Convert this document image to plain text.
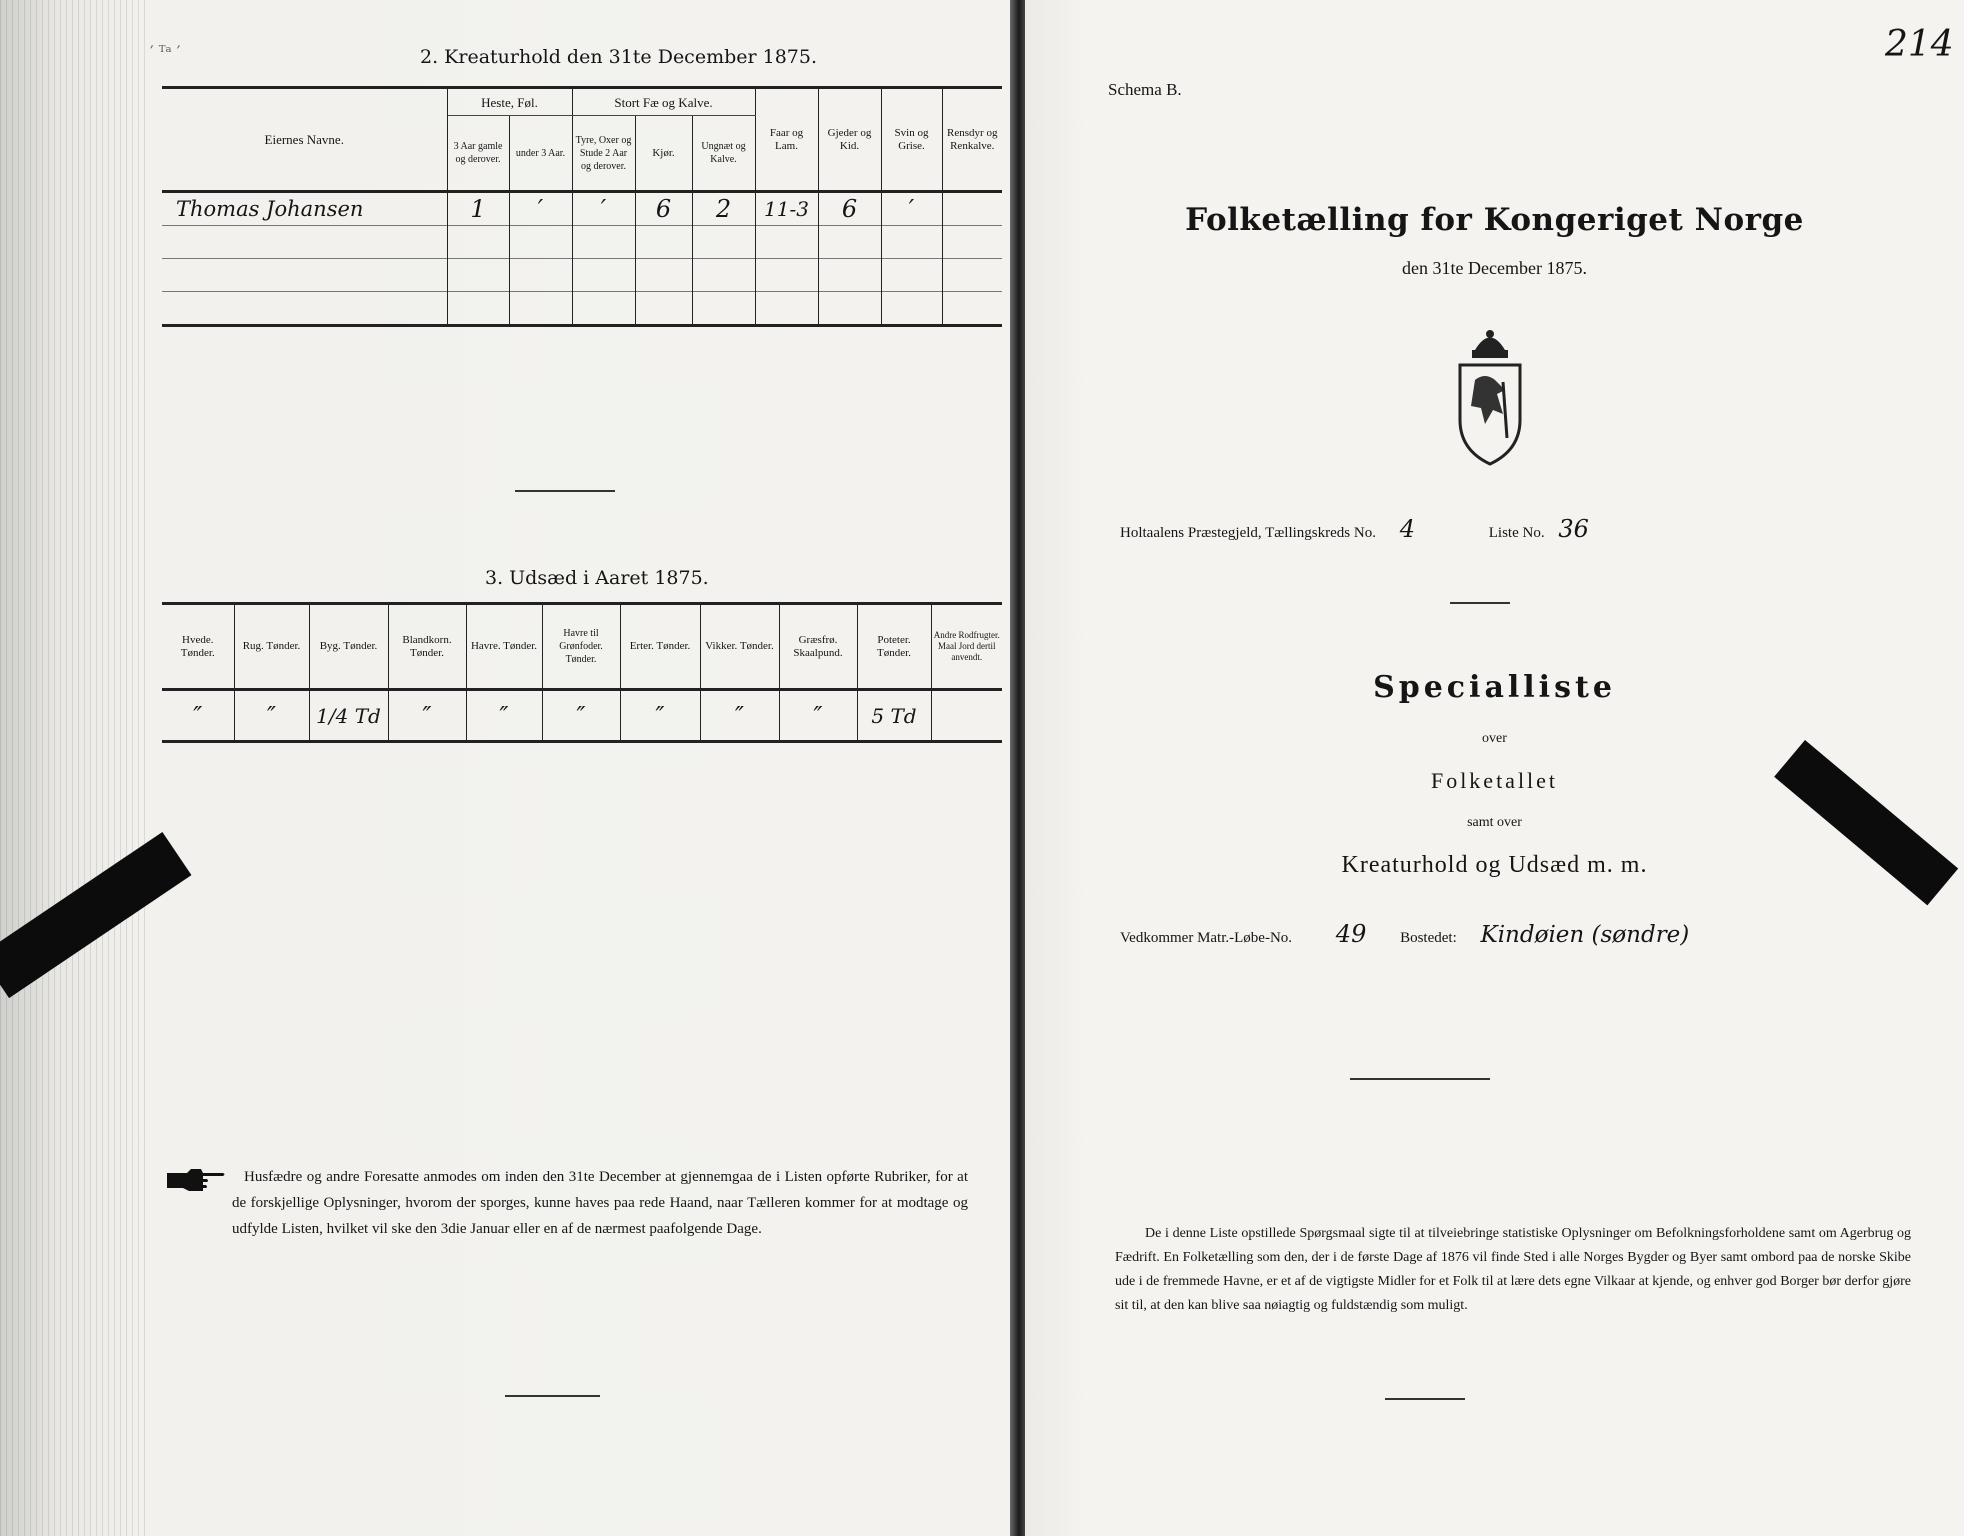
′ ᵀᵃ ′	2. Kreaturhold den 31te December 1875.
Eiernes Navne.	Heste, Føl.		Stort Fæ og Kalve.			Faar og Lam.	Gjeder og Kid.	Svin og Grise.	Rensdyr og Renkalve.
	3 Aar gamle og derover.	under 3 Aar.	Tyre, Oxer og Stude 2 Aar og derover.	Kjør.	Ungnæt og Kalve.				
Thomas Johansen	1	′	′	6	2	11-3	6	′	

3. Udsæd i Aaret 1875.
Hvede. Tønder.	Rug. Tønder.	Byg. Tønder.	Blandkorn. Tønder.	Havre. Tønder.	Havre til Grønfoder. Tønder.	Erter. Tønder.	Vikker. Tønder.	Græsfrø. Skaalpund.	Poteter. Tønder.	Andre Rodfrugter. Maal Jord dertil anvendt.
″	″	1/4 Td	″	″	″	″	″	″	5 Td	
Husfædre og andre Foresatte anmodes om inden den 31te December at gjennemgaa de i Listen opførte Rubriker, for at de forskjellige Oplysninger, hvorom der sporges, kunne haves paa rede Haand, naar Tælleren kommer for at modtage og udfylde Listen, hvilket vil ske den 3die Januar eller en af de nærmest paafolgende Dage.
Schema B.
214
Folketælling for Kongeriget Norge
den 31te December 1875.
Holtaalens Præstegjeld, Tællingskreds No. 4	Liste No. 36
Specialliste
over
Folketallet
samt over
Kreaturhold og Udsæd m. m.
Vedkommer Matr.-Løbe-No. 49 Bostedet: Kindøien (søndre)
De i denne Liste opstillede Spørgsmaal sigte til at tilveiebringe statistiske Oplysninger om Befolkningsforholdene samt om Agerbrug og Fædrift. En Folketælling som den, der i de første Dage af 1876 vil finde Sted i alle Norges Bygder og Byer samt ombord paa de norske Skibe ude i de fremmede Havne, er et af de vigtigste Midler for et Folk til at lære dets egne Vilkaar at kjende, og enhver god Borger bør derfor gjøre sit til, at den kan blive saa nøiagtig og fuldstændig som muligt.
